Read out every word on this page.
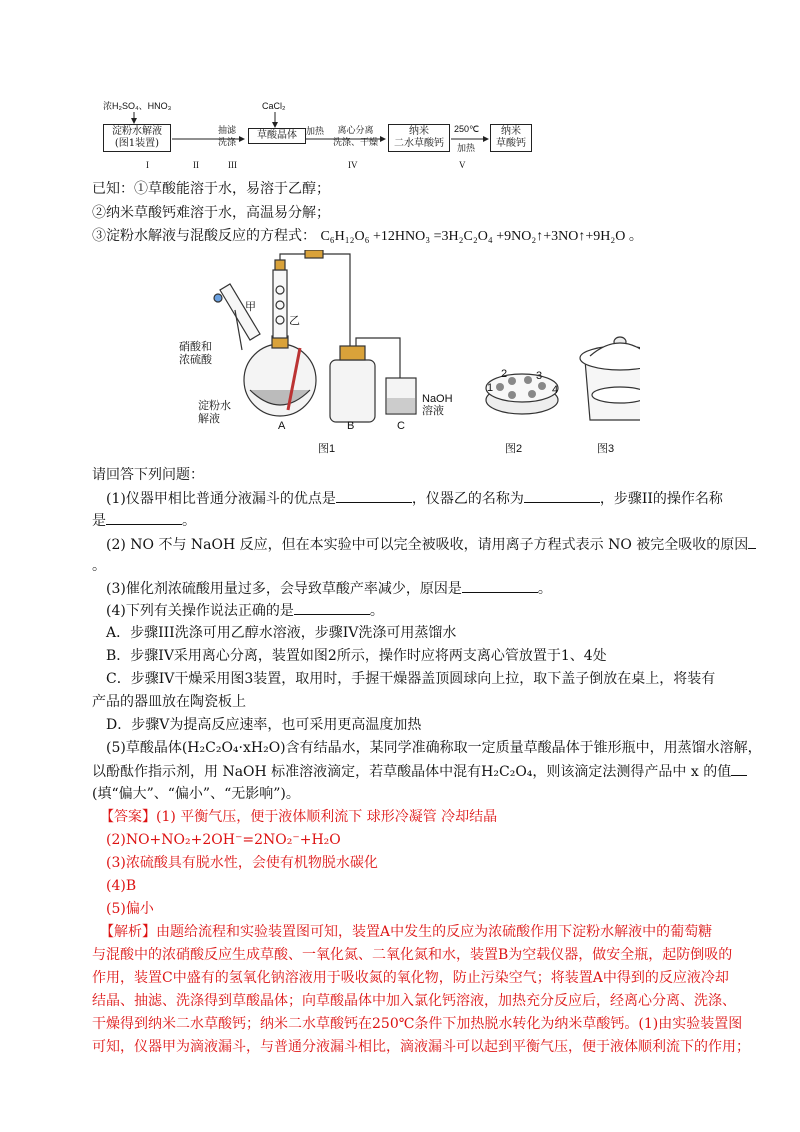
浓H₂SO₄、HNO₃
淀粉水解液
(图1装置)
抽滤
洗涤
CaCl₂
草酸晶体	加热	离心分离
洗涤、干燥
纳米
二水草酸钙
250℃
加热
纳米
草酸钙
I	II	III	IV	V
已知：①草酸能溶于水，易溶于乙醇；
②纳米草酸钙难溶于水，高温易分解；
③淀粉水解液与混酸反应的方程式： C₆H₁₂O₆ +12HNO₃ =3H₂C₂O₄ +9NO₂↑+3NO↑+9H₂O 。
甲
乙
硝酸和
浓硫酸
淀粉水
解液
A	B	C
NaOH
溶液
图1	图2	图3
1
2	3
4
请回答下列问题：
(1)仪器甲相比普通分液漏斗的优点是	，仪器乙的名称为	，步骤II的操作名称
是	。
(2) NO 不与 NaOH 反应，但在本实验中可以完全被吸收，请用离子方程式表示 NO 被完全吸收的原因
。
(3)催化剂浓硫酸用量过多，会导致草酸产率减少，原因是	。
(4)下列有关操作说法正确的是	。
A．步骤III洗涤可用乙醇水溶液，步骤IV洗涤可用蒸馏水
B．步骤IV采用离心分离，装置如图2所示，操作时应将两支离心管放置于1、4处
C．步骤IV干燥采用图3装置，取用时，手握干燥器盖顶圆球向上拉，取下盖子倒放在桌上，将装有
产品的器皿放在陶瓷板上
D．步骤V为提高反应速率，也可采用更高温度加热
(5)草酸晶体(H₂C₂O₄·xH₂O)含有结晶水，某同学准确称取一定质量草酸晶体于锥形瓶中，用蒸馏水溶解，
以酚酞作指示剂，用 NaOH 标准溶液滴定，若草酸晶体中混有H₂C₂O₄，则该滴定法测得产品中 x 的值
(填“偏大”、“偏小”、“无影响”)。
【答案】(1) 平衡气压，便于液体顺利流下 球形冷凝管 冷却结晶
(2)NO+NO₂+2OH⁻=2NO₂⁻+H₂O
(3)浓硫酸具有脱水性，会使有机物脱水碳化
(4)B
(5)偏小
【解析】由题给流程和实验装置图可知，装置A中发生的反应为浓硫酸作用下淀粉水解液中的葡萄糖
与混酸中的浓硝酸反应生成草酸、一氧化氮、二氧化氮和水，装置B为空载仪器，做安全瓶，起防倒吸的
作用，装置C中盛有的氢氧化钠溶液用于吸收氮的氧化物，防止污染空气；将装置A中得到的反应液冷却
结晶、抽滤、洗涤得到草酸晶体；向草酸晶体中加入氯化钙溶液，加热充分反应后，经离心分离、洗涤、
干燥得到纳米二水草酸钙；纳米二水草酸钙在250℃条件下加热脱水转化为纳米草酸钙。(1)由实验装置图
可知，仪器甲为滴液漏斗，与普通分液漏斗相比，滴液漏斗可以起到平衡气压，便于液体顺利流下的作用；
